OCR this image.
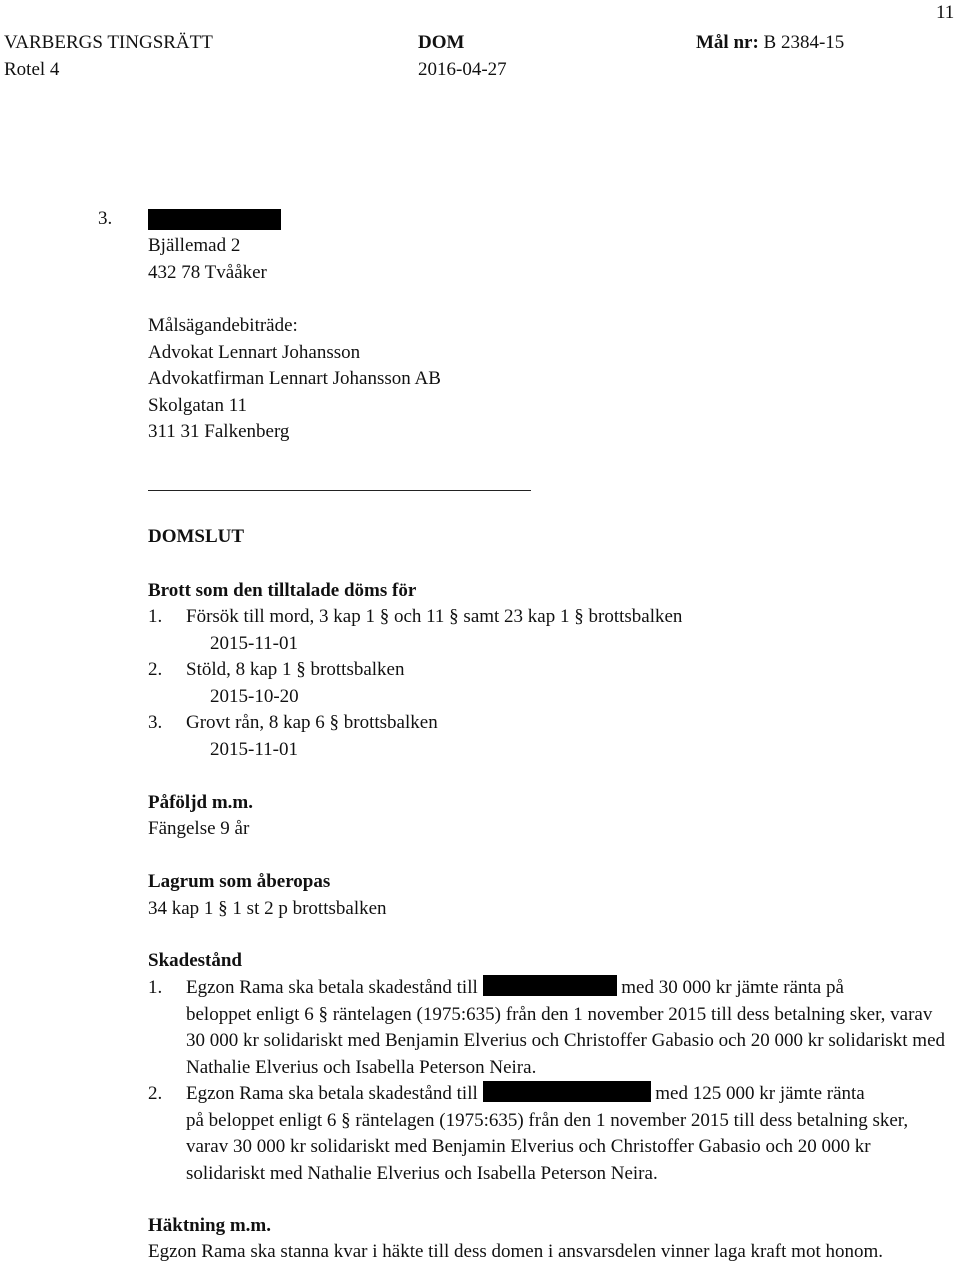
11
VARBERGS TINGSRÄTT	DOM	Mål nr: B 2384-15
Rotel 4	2016-04-27
3.
Bjällemad 2
432 78 Tvååker
Målsägandebiträde:
Advokat Lennart Johansson
Advokatfirman Lennart Johansson AB
Skolgatan 11
311 31 Falkenberg
DOMSLUT
Brott som den tilltalade döms för
1. Försök till mord, 3 kap 1 § och 11 § samt 23 kap 1 § brottsbalken
2015-11-01
2. Stöld, 8 kap 1 § brottsbalken
2015-10-20
3. Grovt rån, 8 kap 6 § brottsbalken
2015-11-01
Påföljd m.m.
Fängelse 9 år
Lagrum som åberopas
34 kap 1 § 1 st 2 p brottsbalken
Skadestånd
1. Egzon Rama ska betala skadestånd till	med 30 000 kr jämte ränta på
beloppet enligt 6 § räntelagen (1975:635) från den 1 november 2015 till dess betalning sker, varav 30 000 kr solidariskt med Benjamin Elverius och Christoffer Gabasio och 20 000 kr solidariskt med Nathalie Elverius och Isabella Peterson Neira.
2. Egzon Rama ska betala skadestånd till	med 125 000 kr jämte ränta
på beloppet enligt 6 § räntelagen (1975:635) från den 1 november 2015 till dess betalning sker, varav 30 000 kr solidariskt med Benjamin Elverius och Christoffer Gabasio och 20 000 kr solidariskt med Nathalie Elverius och Isabella Peterson Neira.
Häktning m.m.
Egzon Rama ska stanna kvar i häkte till dess domen i ansvarsdelen vinner laga kraft mot honom.
